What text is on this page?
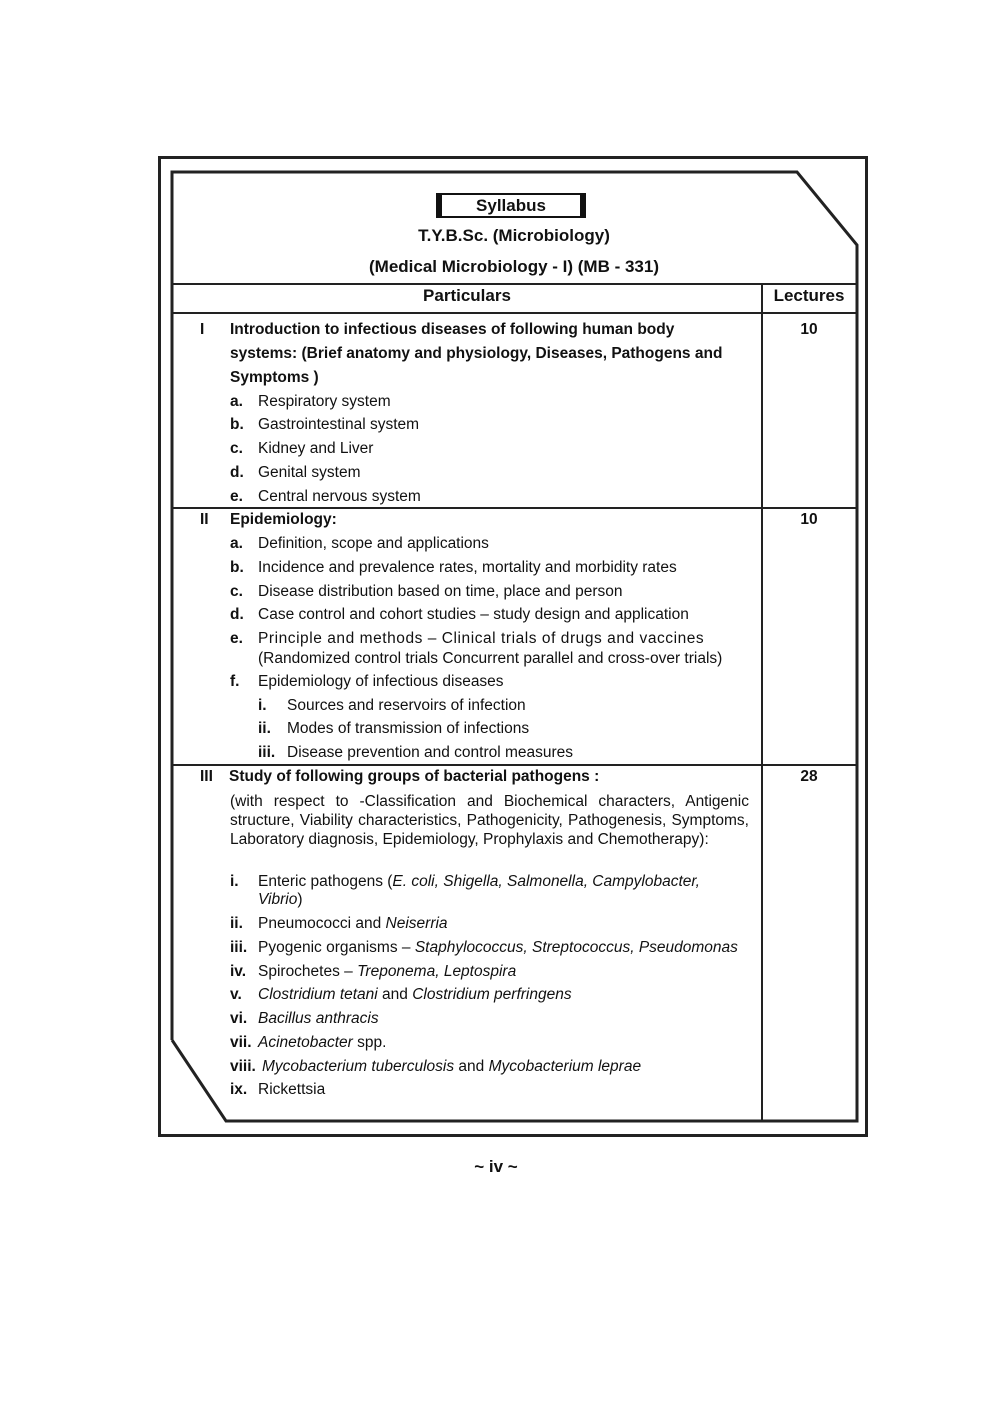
Syllabus
T.Y.B.Sc. (Microbiology)
(Medical Microbiology - I) (MB - 331)
Particulars	Lectures
I	10
Introduction to infectious diseases of following human body
systems: (Brief anatomy and physiology, Diseases, Pathogens and
Symptoms )
a. Respiratory system
b. Gastrointestinal system
c. Kidney and Liver
d. Genital system
e. Central nervous system
II	10
Epidemiology:
a. Definition, scope and applications
b. Incidence and prevalence rates, mortality and morbidity rates
c. Disease distribution based on time, place and person
d. Case control and cohort studies – study design and application
e. Principle and methods – Clinical trials of drugs and vaccines
(Randomized control trials Concurrent parallel and cross-over trials)
f. Epidemiology of infectious diseases
i. Sources and reservoirs of infection
ii. Modes of transmission of infections
iii. Disease prevention and control measures
III	28
Study of following groups of bacterial pathogens :
(with respect to -Classification and Biochemical characters, Antigenic structure, Viability characteristics, Pathogenicity, Pathogenesis, Symptoms, Laboratory diagnosis, Epidemiology, Prophylaxis and Chemotherapy):
i. Enteric pathogens (E. coli, Shigella, Salmonella, Campylobacter,
Vibrio)
ii. Pneumococci and Neiserria
iii. Pyogenic organisms – Staphylococcus, Streptococcus, Pseudomonas
iv. Spirochetes – Treponema, Leptospira
v. Clostridium tetani and Clostridium perfringens
vi. Bacillus anthracis
vii. Acinetobacter spp.
viii. Mycobacterium tuberculosis and Mycobacterium leprae
ix. Rickettsia
~ iv ~
